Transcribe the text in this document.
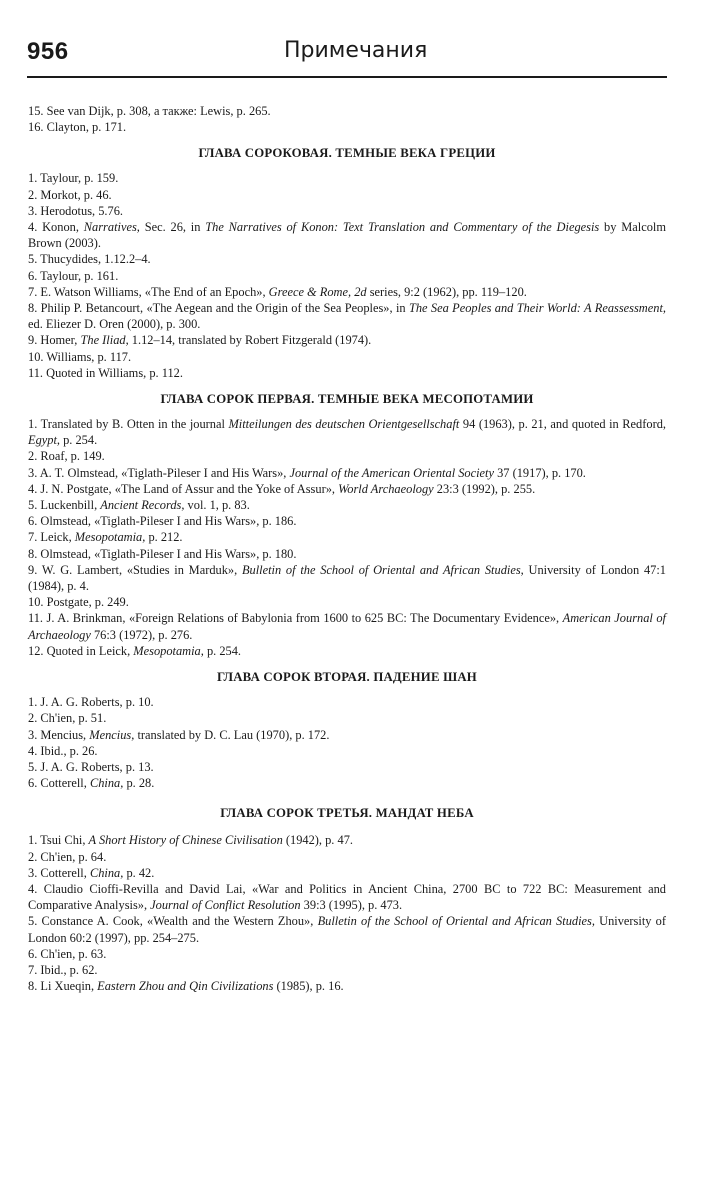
956	Примечания

15. See van Dijk, p. 308, а также: Lewis, p. 265.

16. Clayton, p. 171.

ГЛАВА СОРОКОВАЯ. ТЕМНЫЕ ВЕКА ГРЕЦИИ

1. Taylour, p. 159.

2. Morkot, p. 46.

3. Herodotus, 5.76.

4. Konon, Narratives, Sec. 26, in The Narratives of Konon: Text Translation and Commentary of the Diegesis by Malcolm Brown (2003).

5. Thucydides, 1.12.2–4.

6. Taylour, p. 161.

7. E. Watson Williams, «The End of an Epoch», Greece & Rome, 2d series, 9:2 (1962), pp. 119–120.

8. Philip P. Betancourt, «The Aegean and the Origin of the Sea Peoples», in The Sea Peoples and Their World: A Reassessment, ed. Eliezer D. Oren (2000), p. 300.

9. Homer, The Iliad, 1.12–14, translated by Robert Fitzgerald (1974).

10. Williams, p. 117.

11. Quoted in Williams, p. 112.

ГЛАВА СОРОК ПЕРВАЯ. ТЕМНЫЕ ВЕКА МЕСОПОТАМИИ

1. Translated by B. Otten in the journal Mitteilungen des deutschen Orientgesellschaft 94 (1963), p. 21, and quoted in Redford, Egypt, p. 254.

2. Roaf, p. 149.

3. A. T. Olmstead, «Tiglath-Pileser I and His Wars», Journal of the American Oriental Society 37 (1917), p. 170.

4. J. N. Postgate, «The Land of Assur and the Yoke of Assur», World Archaeology 23:3 (1992), p. 255.

5. Luckenbill, Ancient Records, vol. 1, p. 83.

6. Olmstead, «Tiglath-Pileser I and His Wars», p. 186.

7. Leick, Mesopotamia, p. 212.

8. Olmstead, «Tiglath-Pileser I and His Wars», p. 180.

9. W. G. Lambert, «Studies in Marduk», Bulletin of the School of Oriental and African Studies, University of London 47:1 (1984), p. 4.

10. Postgate, p. 249.

11. J. A. Brinkman, «Foreign Relations of Babylonia from 1600 to 625 BC: The Documentary Evidence», American Journal of Archaeology 76:3 (1972), p. 276.

12. Quoted in Leick, Mesopotamia, p. 254.

ГЛАВА СОРОК ВТОРАЯ. ПАДЕНИЕ ШАН

1. J. A. G. Roberts, p. 10.

2. Ch'ien, p. 51.

3. Mencius, Mencius, translated by D. C. Lau (1970), p. 172.

4. Ibid., p. 26.

5. J. A. G. Roberts, p. 13.

6. Cotterell, China, p. 28.

ГЛАВА СОРОК ТРЕТЬЯ. МАНДАТ НЕБА

1. Tsui Chi, A Short History of Chinese Civilisation (1942), p. 47.

2. Ch'ien, p. 64.

3. Cotterell, China, p. 42.

4. Claudio Cioffi-Revilla and David Lai, «War and Politics in Ancient China, 2700 BC to 722 BC: Measurement and Comparative Analysis», Journal of Conflict Resolution 39:3 (1995), p. 473.

5. Constance A. Cook, «Wealth and the Western Zhou», Bulletin of the School of Oriental and African Studies, University of London 60:2 (1997), pp. 254–275.

6. Ch'ien, p. 63.

7. Ibid., p. 62.

8. Li Xueqin, Eastern Zhou and Qin Civilizations (1985), p. 16.
